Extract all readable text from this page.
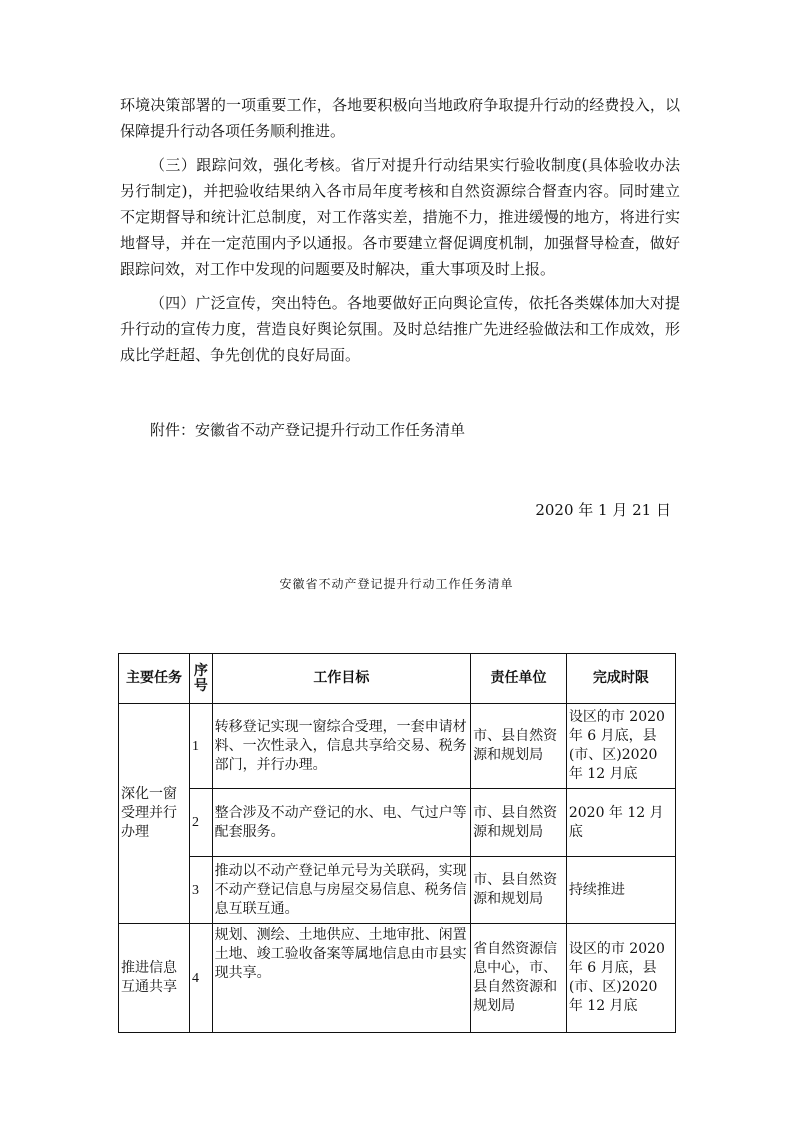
环境决策部署的一项重要工作，各地要积极向当地政府争取提升行动的经费投入，以保障提升行动各项任务顺利推进。

（三）跟踪问效，强化考核。省厅对提升行动结果实行验收制度(具体验收办法另行制定)，并把验收结果纳入各市局年度考核和自然资源综合督查内容。同时建立不定期督导和统计汇总制度，对工作落实差，措施不力，推进缓慢的地方，将进行实地督导，并在一定范围内予以通报。各市要建立督促调度机制，加强督导检查，做好跟踪问效，对工作中发现的问题要及时解决，重大事项及时上报。

（四）广泛宣传，突出特色。各地要做好正向舆论宣传，依托各类媒体加大对提升行动的宣传力度，营造良好舆论氛围。及时总结推广先进经验做法和工作成效，形成比学赶超、争先创优的良好局面。

附件：安徽省不动产登记提升行动工作任务清单
2020 年 1 月 21 日
安徽省不动产登记提升行动工作任务清单
主要任务	序号	工作目标	责任单位	完成时限
深化一窗受理并行办理	1	转移登记实现一窗综合受理，一套申请材料、一次性录入，信息共享给交易、税务部门，并行办理。	市、县自然资源和规划局	设区的市 2020 年 6 月底，县(市、区)2020 年 12 月底
	2	整合涉及不动产登记的水、电、气过户等配套服务。	市、县自然资源和规划局	2020 年 12 月底
	3	推动以不动产登记单元号为关联码，实现不动产登记信息与房屋交易信息、税务信息互联互通。	市、县自然资源和规划局	持续推进
推进信息互通共享	4	规划、测绘、土地供应、土地审批、闲置土地、竣工验收备案等属地信息由市县实现共享。	省自然资源信息中心，市、县自然资源和规划局	设区的市 2020 年 6 月底，县(市、区)2020 年 12 月底
